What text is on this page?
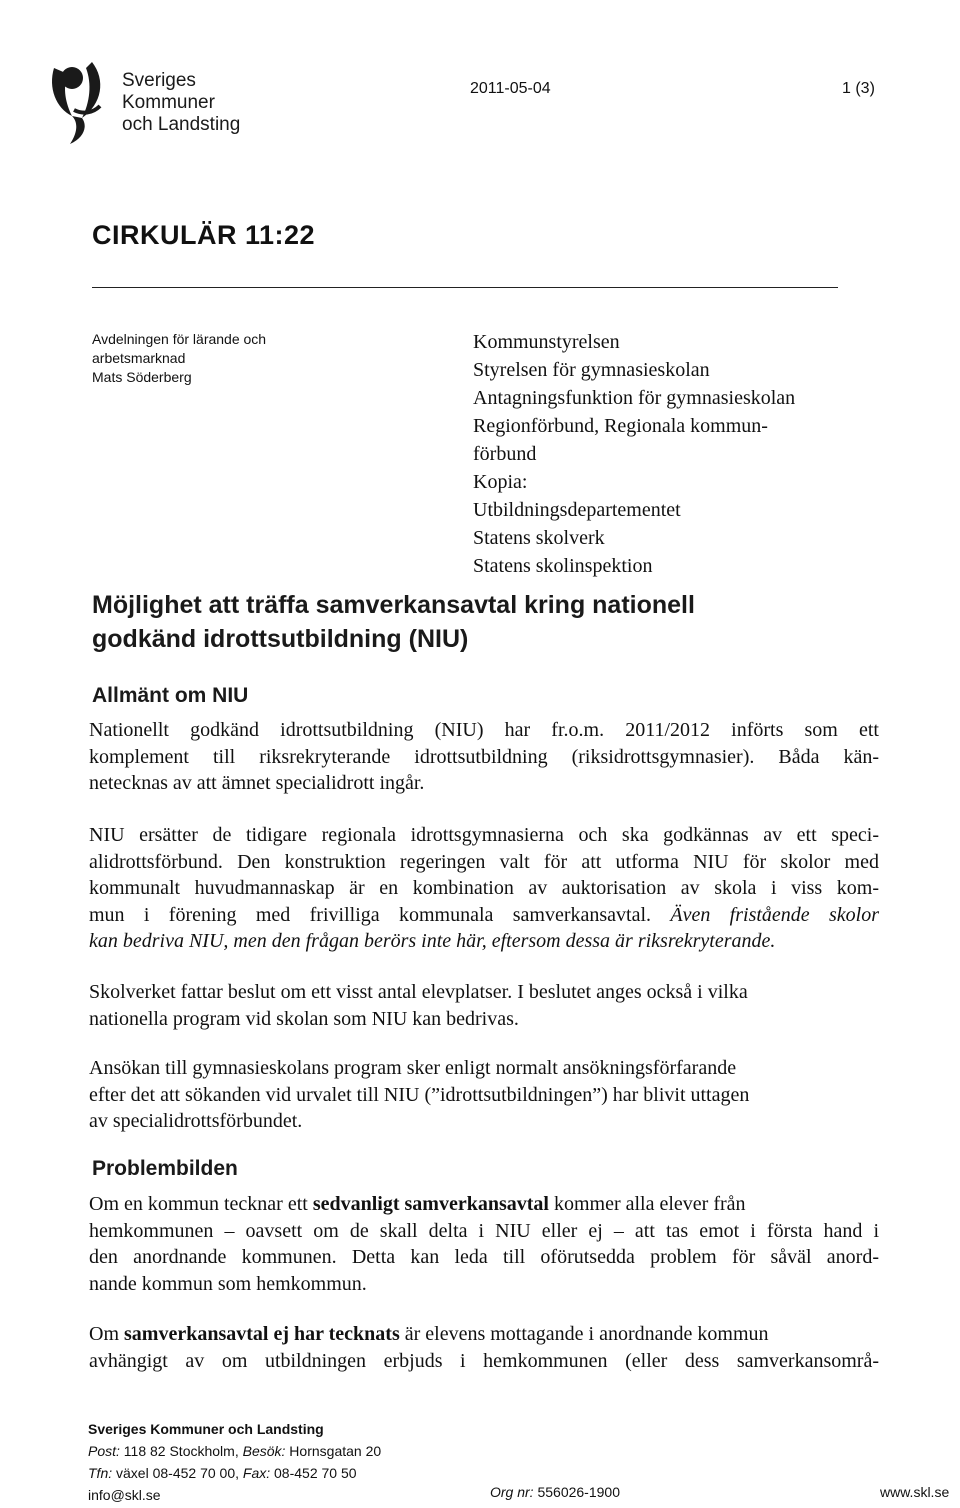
Sveriges
Kommuner
och Landsting
2011-05-04	1 (3)
CIRKULÄR 11:22
Avdelningen för lärande och
arbetsmarknad
Mats Söderberg
Kommunstyrelsen
Styrelsen för gymnasieskolan
Antagningsfunktion för gymnasieskolan
Regionförbund, Regionala kommun-
förbund
Kopia:
Utbildningsdepartementet
Statens skolverk
Statens skolinspektion
Möjlighet att träffa samverkansavtal kring nationell
godkänd idrottsutbildning (NIU)
Allmänt om NIU
Nationellt godkänd idrottsutbildning (NIU) har fr.o.m. 2011/2012 införts som ett
komplement till riksrekryterande idrottsutbildning (riksidrottsgymnasier). Båda kän-
netecknas av att ämnet specialidrott ingår.
NIU ersätter de tidigare regionala idrottsgymnasierna och ska godkännas av ett speci-
alidrottsförbund. Den konstruktion regeringen valt för att utforma NIU för skolor med
kommunalt huvudmannaskap är en kombination av auktorisation av skola i viss kom-
mun i förening med frivilliga kommunala samverkansavtal. Även fristående skolor
kan bedriva NIU, men den frågan berörs inte här, eftersom dessa är riksrekryterande.
Skolverket fattar beslut om ett visst antal elevplatser. I beslutet anges också i vilka
nationella program vid skolan som NIU kan bedrivas.
Ansökan till gymnasieskolans program sker enligt normalt ansökningsförfarande
efter det att sökanden vid urvalet till NIU (”idrottsutbildningen”) har blivit uttagen
av specialidrottsförbundet.
Problembilden
Om en kommun tecknar ett sedvanligt samverkansavtal kommer alla elever från
hemkommunen – oavsett om de skall delta i NIU eller ej – att tas emot i första hand i
den anordnande kommunen. Detta kan leda till oförutsedda problem för såväl anord-
nande kommun som hemkommun.
Om samverkansavtal ej har tecknats är elevens mottagande i anordnande kommun
avhängigt av om utbildningen erbjuds i hemkommunen (eller dess samverkansområ-
Sveriges Kommuner och Landsting
Post: 118 82 Stockholm, Besök: Hornsgatan 20
Tfn: växel 08-452 70 00, Fax: 08-452 70 50
info@skl.se	Org nr: 556026-1900	www.skl.se
